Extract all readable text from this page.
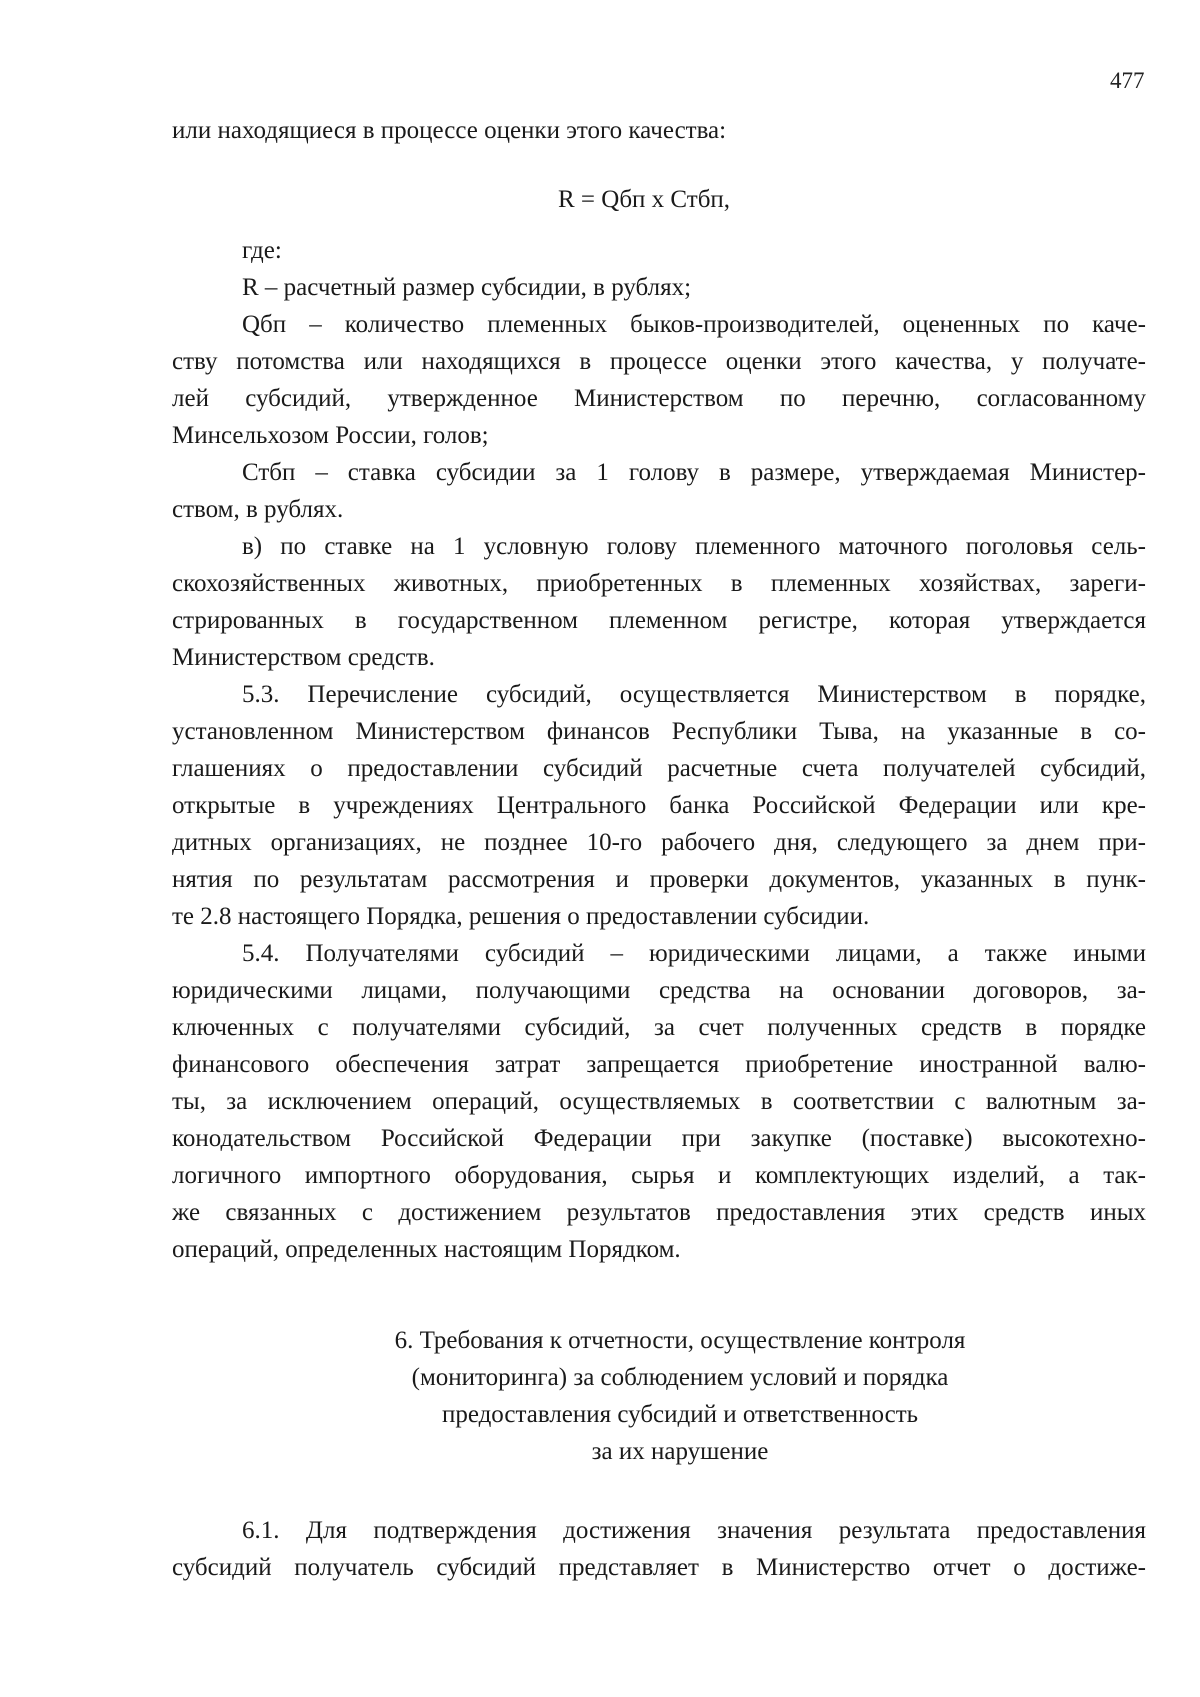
477
или находящиеся в процессе оценки этого качества:
R = Qбп х Стбп,
где:
R – расчетный размер субсидии, в рублях;
Qбп – количество племенных быков-производителей, оцененных по каче-
ству потомства или находящихся в процессе оценки этого качества, у получате-
лей субсидий, утвержденное Министерством по перечню, согласованному
Минсельхозом России, голов;
Стбп – ставка субсидии за 1 голову в размере, утверждаемая Министер-
ством, в рублях.
в) по ставке на 1 условную голову племенного маточного поголовья сель-
скохозяйственных животных, приобретенных в племенных хозяйствах, зареги-
стрированных в государственном племенном регистре, которая утверждается
Министерством средств.
5.3. Перечисление субсидий, осуществляется Министерством в порядке,
установленном Министерством финансов Республики Тыва, на указанные в со-
глашениях о предоставлении субсидий расчетные счета получателей субсидий,
открытые в учреждениях Центрального банка Российской Федерации или кре-
дитных организациях, не позднее 10-го рабочего дня, следующего за днем при-
нятия по результатам рассмотрения и проверки документов, указанных в пунк-
те 2.8 настоящего Порядка, решения о предоставлении субсидии.
5.4. Получателями субсидий – юридическими лицами, а также иными
юридическими лицами, получающими средства на основании договоров, за-
ключенных с получателями субсидий, за счет полученных средств в порядке
финансового обеспечения затрат запрещается приобретение иностранной валю-
ты, за исключением операций, осуществляемых в соответствии с валютным за-
конодательством Российской Федерации при закупке (поставке) высокотехно-
логичного импортного оборудования, сырья и комплектующих изделий, а так-
же связанных с достижением результатов предоставления этих средств иных
операций, определенных настоящим Порядком.
6. Требования к отчетности, осуществление контроля
(мониторинга) за соблюдением условий и порядка
предоставления субсидий и ответственность
за их нарушение
6.1. Для подтверждения достижения значения результата предоставления
субсидий получатель субсидий представляет в Министерство отчет о достиже-
